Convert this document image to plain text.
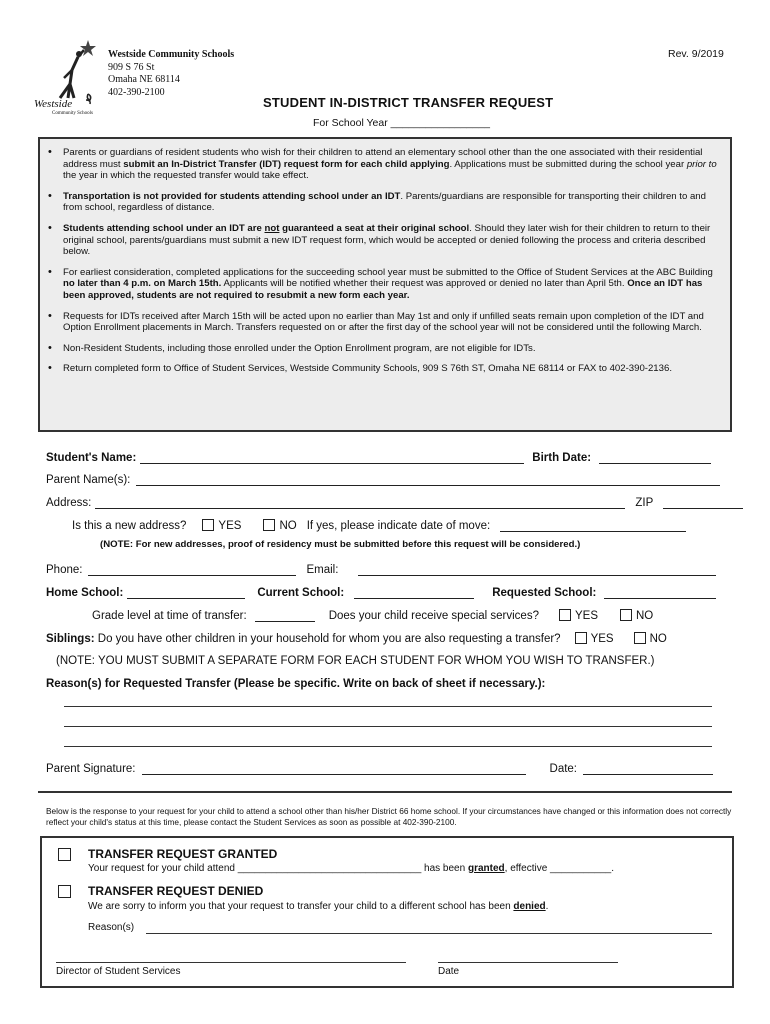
Westside
Community Schools
Westside Community Schools
909 S 76 St
Omaha NE 68114
402-390-2100
Rev. 9/2019
STUDENT IN-DISTRICT TRANSFER REQUEST
For School Year _________________
• Parents or guardians of resident students who wish for their children to attend an elementary school other than the one associated with their residential address must submit an In-District Transfer (IDT) request form for each child applying. Applications must be submitted during the school year prior to the year in which the requested transfer would take effect.
• Transportation is not provided for students attending school under an IDT. Parents/guardians are responsible for transporting their children to and from school, regardless of distance.
• Students attending school under an IDT are not guaranteed a seat at their original school. Should they later wish for their children to return to their original school, parents/guardians must submit a new IDT request form, which would be accepted or denied following the process and criteria described below.
• For earliest consideration, completed applications for the succeeding school year must be submitted to the Office of Student Services at the ABC Building no later than 4 p.m. on March 15th. Applicants will be notified whether their request was approved or denied no later than April 5th. Once an IDT has been approved, students are not required to resubmit a new form each year.
• Requests for IDTs received after March 15th will be acted upon no earlier than May 1st and only if unfilled seats remain upon completion of the IDT and Option Enrollment placements in March. Transfers requested on or after the first day of the school year will not be considered until the following March.
• Non-Resident Students, including those enrolled under the Option Enrollment program, are not eligible for IDTs.
• Return completed form to Office of Student Services, Westside Community Schools, 909 S 76th ST, Omaha NE 68114 or FAX to 402-390-2136.
Student's Name:	Birth Date:
Parent Name(s):
Address:	ZIP
Is this a new address?	YES	NO If yes, please indicate date of move:
(NOTE: For new addresses, proof of residency must be submitted before this request will be considered.)
Phone:	Email:
Home School:	Current School:	Requested School:
Grade level at time of transfer:	Does your child receive special services?	YES	NO
Siblings: Do you have other children in your household for whom you are also requesting a transfer?	YES	NO
(NOTE: YOU MUST SUBMIT A SEPARATE FORM FOR EACH STUDENT FOR WHOM YOU WISH TO TRANSFER.)
Reason(s) for Requested Transfer (Please be specific. Write on back of sheet if necessary.):
Parent Signature:	Date:
Below is the response to your request for your child to attend a school other than his/her District 66 home school. If your circumstances have changed or this information does not correctly reflect your child's status at this time, please contact the Student Services as soon as possible at 402-390-2100.
TRANSFER REQUEST GRANTED
Your request for your child attend _________________________________ has been granted, effective ___________.
TRANSFER REQUEST DENIED
We are sorry to inform you that your request to transfer your child to a different school has been denied.
Reason(s)
Director of Student Services	Date
